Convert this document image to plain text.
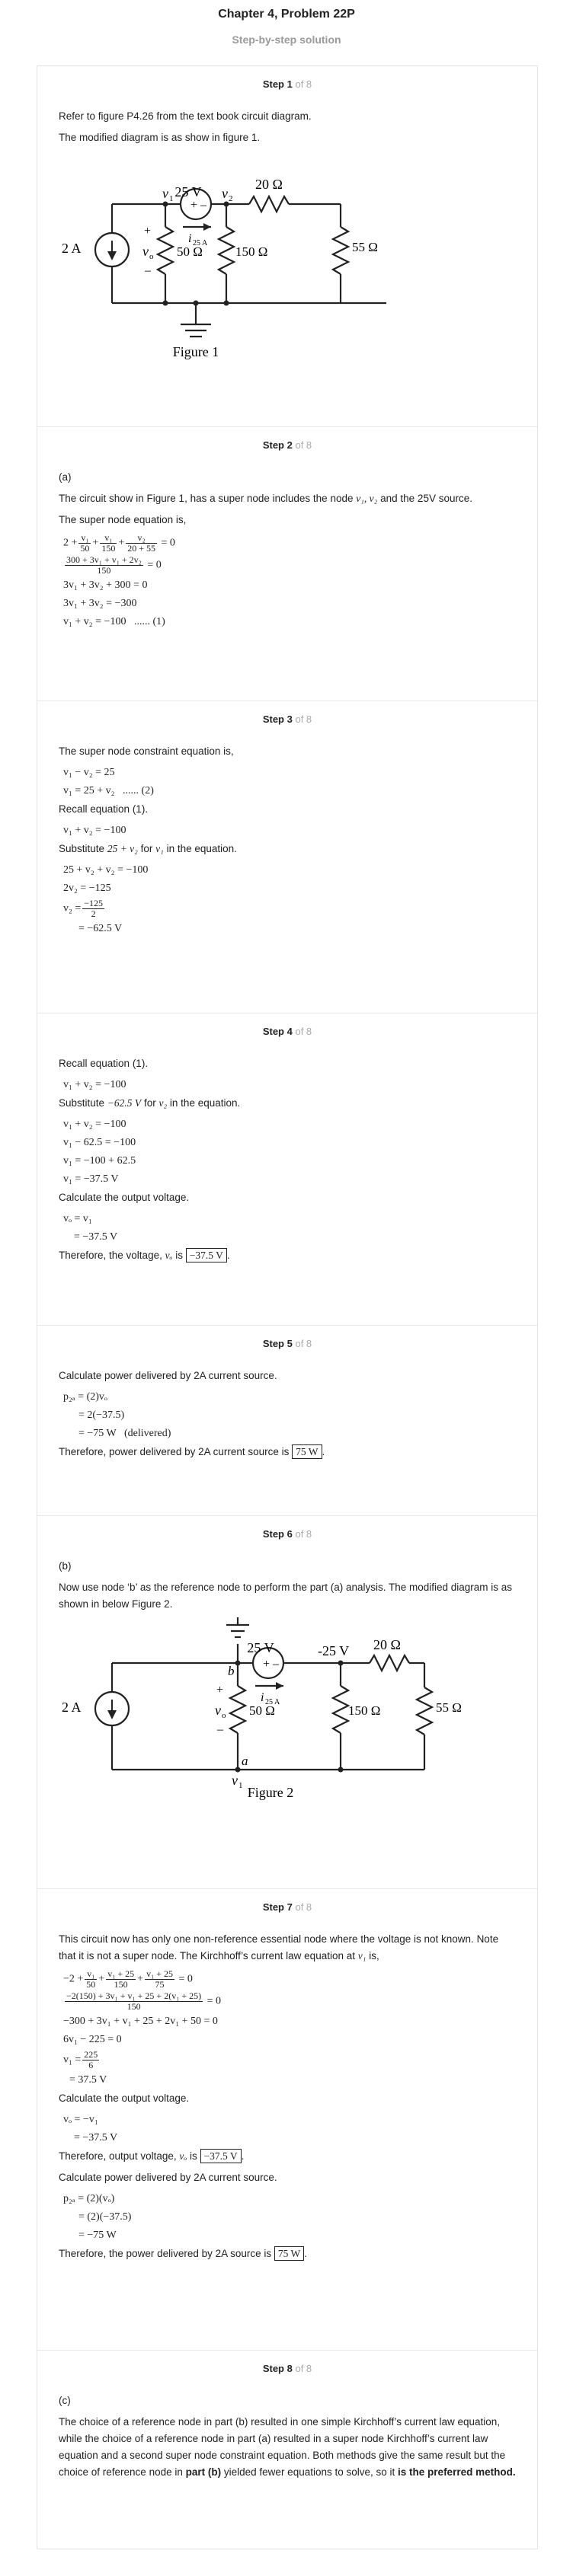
Chapter 4, Problem 22P
Step-by-step solution
Step 1 of 8

Refer to figure P4.26 from the text book circuit diagram.

The modified diagram is as show in figure 1.

25 V
+ –
v 1	v 2
20 Ω
2 A
+
v o
–
50 Ω	150 Ω	55 Ω
i 25 A
Figure 1
Step 2 of 8

(a)

The circuit show in Figure 1, has a super node includes the node v₁, v₂ and the 25V source.

The super node equation is,

$2 + \frac{\text{v₁}}{50} + \frac{\text{v₁}}{150} + \frac{\text{v₂}}{20 + 55} = 0$
$\frac{\text{300 + 3v₁ + v₁ + 2v₂}}{150} = 0$
3v₁ + 3v₂ + 300 = 0
3v₁ + 3v₂ = −300
v₁ + v₂ = −100   ...... (1)
Step 3 of 8

The super node constraint equation is,

v₁ − v₂ = 25
v₁ = 25 + v₂   ...... (2)

Recall equation (1).

v₁ + v₂ = −100

Substitute 25 + v₂ for v₁ in the equation.

25 + v₂ + v₂ = −100
2v₂ = −125
$v_2 = \frac{-125}{2}$
= −62.5 V
Step 4 of 8

Recall equation (1).

v₁ + v₂ = −100

Substitute −62.5 V for v₂ in the equation.

v₁ + v₂ = −100
v₁ − 62.5 = −100
v₁ = −100 + 62.5
v₁ = −37.5 V

Calculate the output voltage.

vₒ = v₁
= −37.5 V

Therefore, the voltage, vₒ is −37.5 V .

Step 5 of 8

Calculate power delivered by 2A current source.

p₂ₐ = (2)vₒ
= 2(−37.5)
= −75 W   (delivered)

Therefore, power delivered by 2A current source is 75 W .

Step 6 of 8

(b)

Now use node ‘b’ as the reference node to perform the part (a) analysis. The modified diagram is as shown in below Figure 2.

25 V
+ –
-25 V 20 Ω
2 A
b
+
v o
–
50 Ω	150 Ω	55 Ω
i 25 A
a
v 1 Figure 2
Step 7 of 8

This circuit now has only one non-reference essential node where the voltage is not known. Note that it is not a super node. The Kirchhoff’s current law equation at v₁ is,

$-2 + \frac{\text{v₁}}{50} + \frac{\text{v₁ + 25}}{150} + \frac{\text{v₁ + 25}}{75} = 0$
$\frac{\text{−2(150) + 3v₁ + v₁ + 25 + 2(v₁ + 25)}}{150} = 0$
−300 + 3v₁ + v₁ + 25 + 2v₁ + 50 = 0
6v₁ − 225 = 0
$v_1 = \frac{225}{6}$
= 37.5 V

Calculate the output voltage.

vₒ = −v₁
= −37.5 V

Therefore, output voltage, vₒ is −37.5 V .

Calculate power delivered by 2A current source.

p₂ₐ = (2)(vₒ)
= (2)(−37.5)
= −75 W

Therefore, the power delivered by 2A source is 75 W .

Step 8 of 8

(c)

The choice of a reference node in part (b) resulted in one simple Kirchhoff’s current law equation, while the choice of a reference node in part (a) resulted in a super node Kirchhoff’s current law equation and a second super node constraint equation. Both methods give the same result but the choice of reference node in part (b) yielded fewer equations to solve, so it is the preferred method.
